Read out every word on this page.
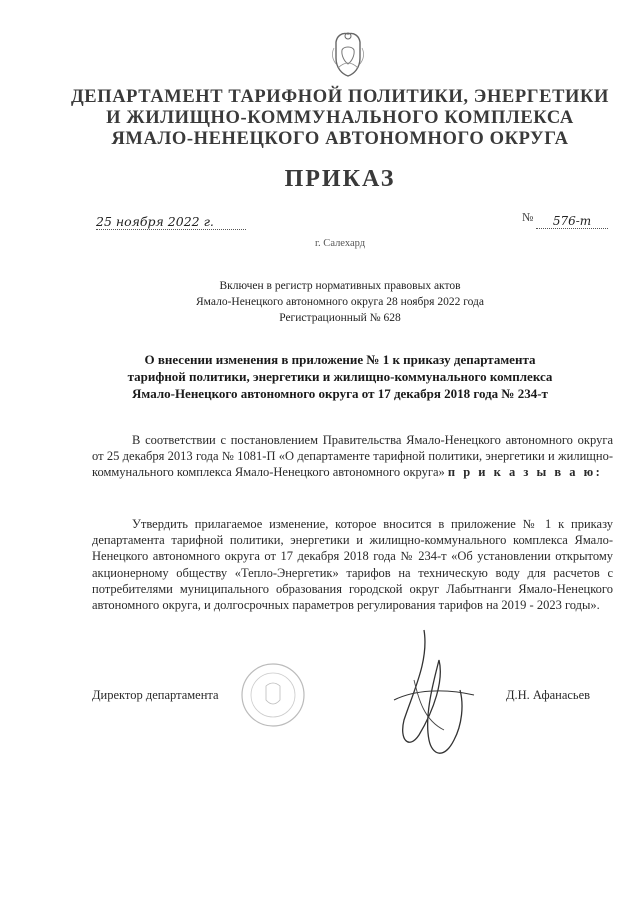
ДЕПАРТАМЕНТ ТАРИФНОЙ ПОЛИТИКИ, ЭНЕРГЕТИКИ
И ЖИЛИЩНО-КОММУНАЛЬНОГО КОМПЛЕКСА
ЯМАЛО-НЕНЕЦКОГО АВТОНОМНОГО ОКРУГА
ПРИКАЗ
25 ноября 2022 г.	№	576-т
г. Салехард
Включен в регистр нормативных правовых актов
Ямало-Ненецкого автономного округа 28 ноября 2022 года
Регистрационный № 628
О внесении изменения в приложение № 1 к приказу департамента
тарифной политики, энергетики и жилищно-коммунального комплекса
Ямало-Ненецкого автономного округа от 17 декабря 2018 года № 234-т
В соответствии с постановлением Правительства Ямало-Ненецкого автономного округа от 25 декабря 2013 года № 1081-П «О департаменте тарифной политики, энергетики и жилищно-коммунального комплекса Ямало-Ненецкого автономного округа» п р и к а з ы в а ю:
Утвердить прилагаемое изменение, которое вносится в приложение № 1 к приказу департамента тарифной политики, энергетики и жилищно-коммунального комплекса Ямало-Ненецкого автономного округа от 17 декабря 2018 года № 234-т «Об установлении открытому акционерному обществу «Тепло-Энергетик» тарифов на техническую воду для расчетов с потребителями муниципального образования городской округ Лабытнанги Ямало-Ненецкого автономного округа, и долгосрочных параметров регулирования тарифов на 2019 - 2023 годы».
Директор департамента	Д.Н. Афанасьев
